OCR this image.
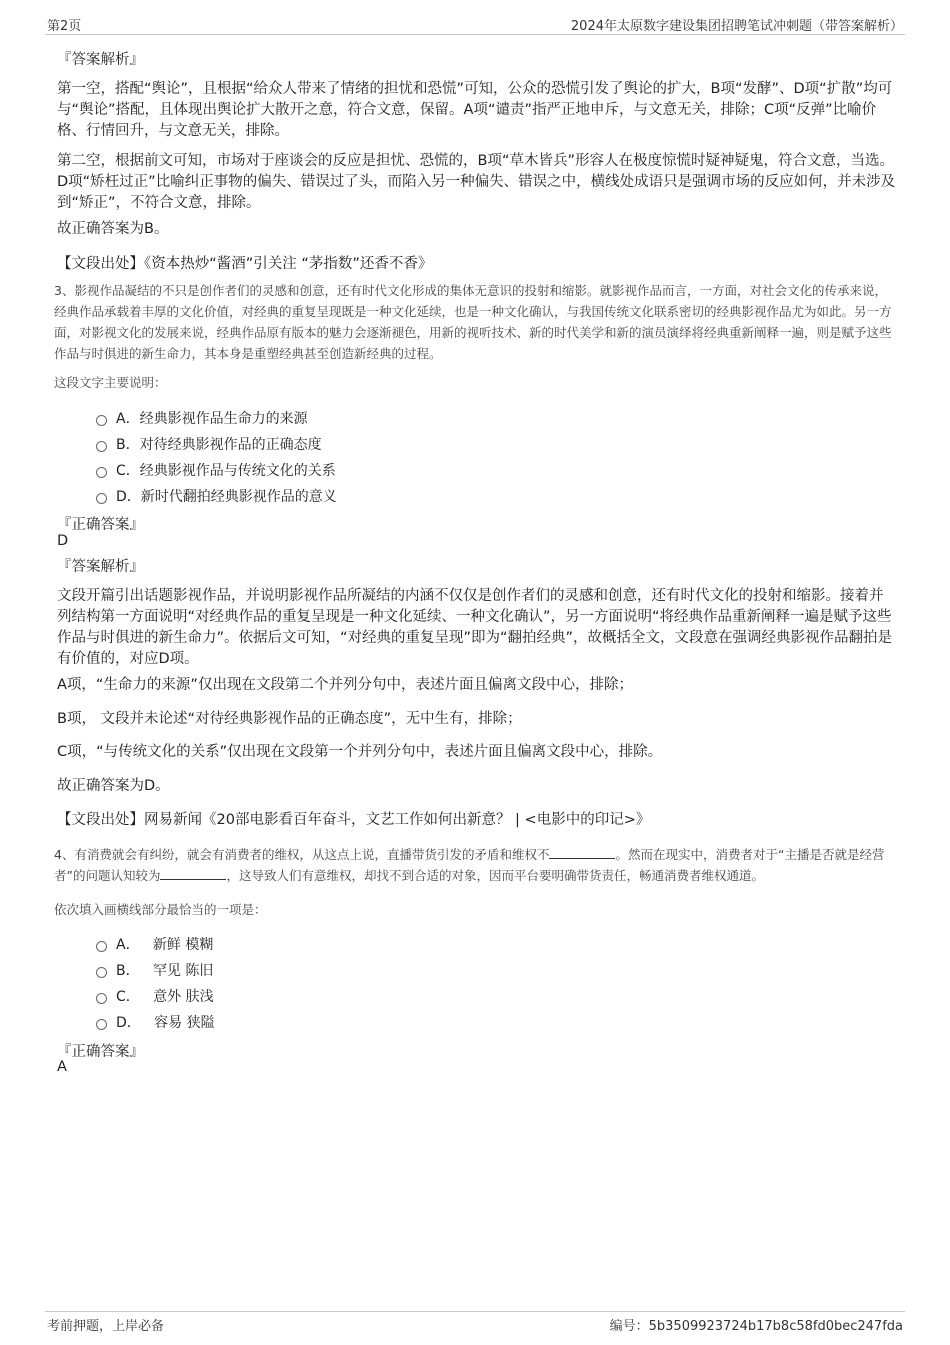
第2页	2024年太原数字建设集团招聘笔试冲刺题（带答案解析）
『答案解析』
第一空，搭配“舆论”，且根据“给众人带来了情绪的担忧和恐慌”可知，公众的恐慌引发了舆论的扩大，B项“发酵”、D项“扩散”均可与“舆论”搭配，且体现出舆论扩大散开之意，符合文意，保留。A项“谴责”指严正地申斥，与文意无关，排除；C项“反弹”比喻价格、行情回升，与文意无关，排除。
第二空，根据前文可知，市场对于座谈会的反应是担忧、恐慌的，B项“草木皆兵”形容人在极度惊慌时疑神疑鬼，符合文意，当选。D项“矫枉过正”比喻纠正事物的偏失、错误过了头，而陷入另一种偏失、错误之中，横线处成语只是强调市场的反应如何，并未涉及到“矫正”，不符合文意，排除。
故正确答案为B。
【文段出处】《资本热炒“酱酒”引关注 “茅指数”还香不香》
3、影视作品凝结的不只是创作者们的灵感和创意，还有时代文化形成的集体无意识的投射和缩影。就影视作品而言，一方面，对社会文化的传承来说，经典作品承载着丰厚的文化价值，对经典的重复呈现既是一种文化延续，也是一种文化确认，与我国传统文化联系密切的经典影视作品尤为如此。另一方面，对影视文化的发展来说，经典作品原有版本的魅力会逐渐褪色，用新的视听技术、新的时代美学和新的演员演绎将经典重新阐释一遍，则是赋予这些作品与时俱进的新生命力，其本身是重塑经典甚至创造新经典的过程。
这段文字主要说明：
A．经典影视作品生命力的来源
B．对待经典影视作品的正确态度
C．经典影视作品与传统文化的关系
D．新时代翻拍经典影视作品的意义
『正确答案』
D
『答案解析』
文段开篇引出话题影视作品，并说明影视作品所凝结的内涵不仅仅是创作者们的灵感和创意，还有时代文化的投射和缩影。接着并列结构第一方面说明“对经典作品的重复呈现是一种文化延续、一种文化确认”，另一方面说明“将经典作品重新阐释一遍是赋予这些作品与时俱进的新生命力”。依据后文可知，“对经典的重复呈现”即为“翻拍经典”，故概括全文，文段意在强调经典影视作品翻拍是有价值的，对应D项。
A项，“生命力的来源”仅出现在文段第二个并列分句中，表述片面且偏离文段中心，排除；
B项， 文段并未论述“对待经典影视作品的正确态度”，无中生有，排除；
C项，“与传统文化的关系”仅出现在文段第一个并列分句中，表述片面且偏离文段中心，排除。
故正确答案为D。
【文段出处】网易新闻《20部电影看百年奋斗，文艺工作如何出新意？ | <电影中的印记>》
4、有消费就会有纠纷，就会有消费者的维权，从这点上说，直播带货引发的矛盾和维权不	。然而在现实中，消费者对于“主播是否就是经营者”的问题认知较为	，这导致人们有意维权，却找不到合适的对象，因而平台要明确带货责任，畅通消费者维权通道。
依次填入画横线部分最恰当的一项是：
A．   新鲜 模糊
B．   罕见 陈旧
C．   意外 肤浅
D．   容易 狭隘
『正确答案』
A
考前押题，上岸必备	编号：5b3509923724b17b8c58fd0bec247fda
